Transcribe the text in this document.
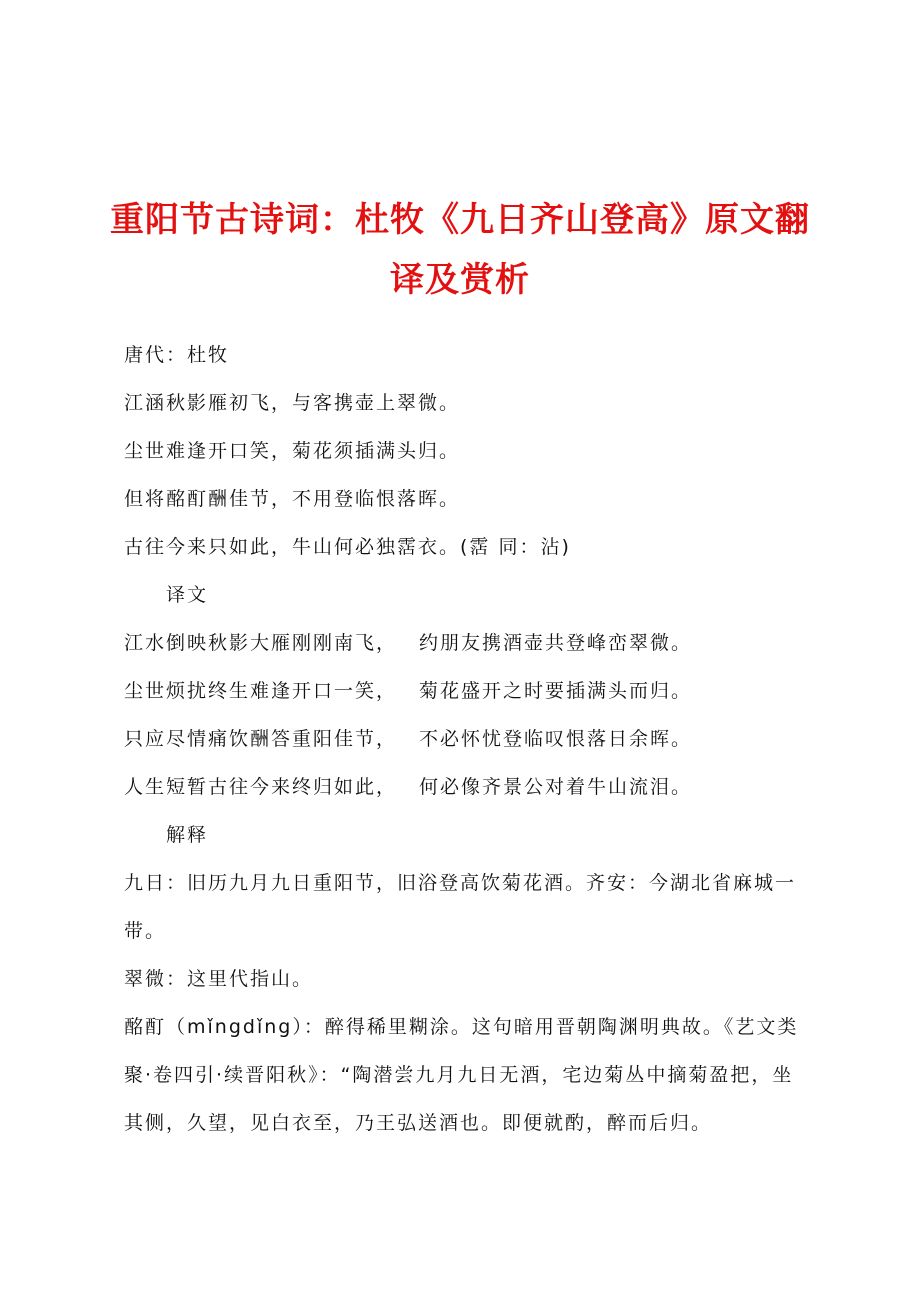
重阳节古诗词：杜牧《九日齐山登高》原文翻译及赏析
唐代：杜牧
江涵秋影雁初飞，与客携壶上翠微。
尘世难逢开口笑，菊花须插满头归。
但将酩酊酬佳节，不用登临恨落晖。
古往今来只如此，牛山何必独霑衣。(霑 同：沾)
译文
江水倒映秋影大雁刚刚南飞， 约朋友携酒壶共登峰峦翠微。
尘世烦扰终生难逢开口一笑， 菊花盛开之时要插满头而归。
只应尽情痛饮酬答重阳佳节， 不必怀忧登临叹恨落日余晖。
人生短暂古往今来终归如此， 何必像齐景公对着牛山流泪。
解释
九日：旧历九月九日重阳节，旧浴登高饮菊花酒。齐安：今湖北省麻城一带。
翠微：这里代指山。
酩酊（mǐngdǐng）：醉得稀里糊涂。这句暗用晋朝陶渊明典故。《艺文类聚·卷四引·续晋阳秋》：“陶潜尝九月九日无酒，宅边菊丛中摘菊盈把，坐其侧，久望，见白衣至，乃王弘送酒也。即便就酌，醉而后归。
